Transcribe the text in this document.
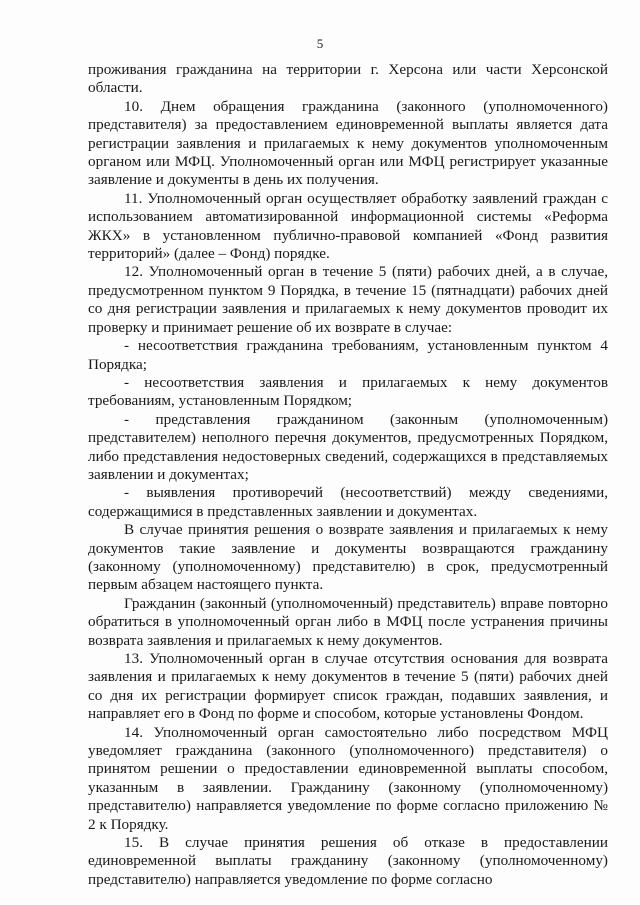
5

проживания гражданина на территории г. Херсона или части Херсонской области.

10. Днем обращения гражданина (законного (уполномоченного) представителя) за предоставлением единовременной выплаты является дата регистрации заявления и прилагаемых к нему документов уполномоченным органом или МФЦ. Уполномоченный орган или МФЦ регистрирует указанные заявление и документы в день их получения.

11. Уполномоченный орган осуществляет обработку заявлений граждан с использованием автоматизированной информационной системы «Реформа ЖКХ» в установленном публично-правовой компанией «Фонд развития территорий» (далее – Фонд) порядке.

12. Уполномоченный орган в течение 5 (пяти) рабочих дней, а в случае, предусмотренном пунктом 9 Порядка, в течение 15 (пятнадцати) рабочих дней со дня регистрации заявления и прилагаемых к нему документов проводит их проверку и принимает решение об их возврате в случае:

- несоответствия гражданина требованиям, установленным пунктом 4 Порядка;

- несоответствия заявления и прилагаемых к нему документов требованиям, установленным Порядком;

- представления гражданином (законным (уполномоченным) представителем) неполного перечня документов, предусмотренных Порядком, либо представления недостоверных сведений, содержащихся в представляемых заявлении и документах;

- выявления противоречий (несоответствий) между сведениями, содержащимися в представленных заявлении и документах.

В случае принятия решения о возврате заявления и прилагаемых к нему документов такие заявление и документы возвращаются гражданину (законному (уполномоченному) представителю) в срок, предусмотренный первым абзацем настоящего пункта.

Гражданин (законный (уполномоченный) представитель) вправе повторно обратиться в уполномоченный орган либо в МФЦ после устранения причины возврата заявления и прилагаемых к нему документов.

13. Уполномоченный орган в случае отсутствия основания для возврата заявления и прилагаемых к нему документов в течение 5 (пяти) рабочих дней со дня их регистрации формирует список граждан, подавших заявления, и направляет его в Фонд по форме и способом, которые установлены Фондом.

14. Уполномоченный орган самостоятельно либо посредством МФЦ уведомляет гражданина (законного (уполномоченного) представителя) о принятом решении о предоставлении единовременной выплаты способом, указанным в заявлении. Гражданину (законному (уполномоченному) представителю) направляется уведомление по форме согласно приложению № 2 к Порядку.

15. В случае принятия решения об отказе в предоставлении единовременной выплаты гражданину (законному (уполномоченному) представителю) направляется уведомление по форме согласно
